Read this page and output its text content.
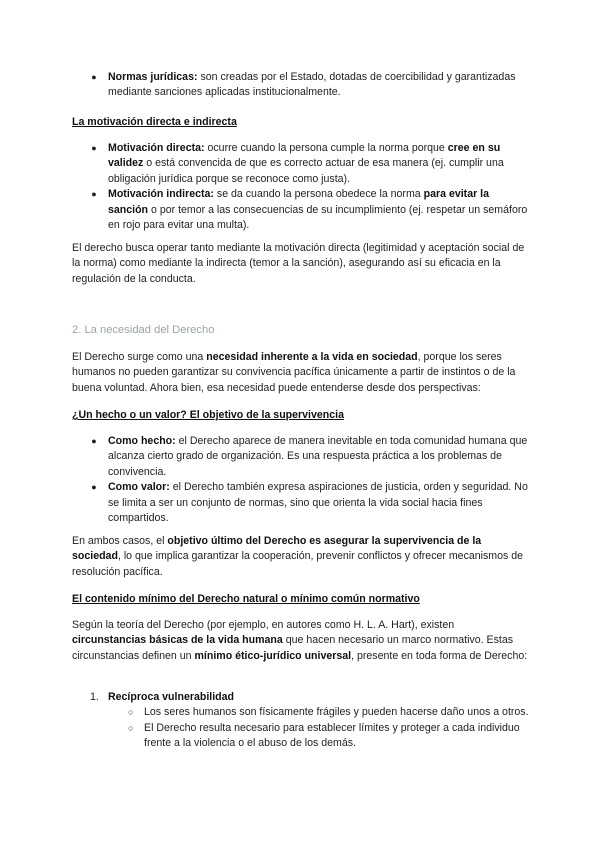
●	Normas jurídicas: son creadas por el Estado, dotadas de coercibilidad y garantizadas mediante sanciones aplicadas institucionalmente.

La motivación directa e indirecta

●	Motivación directa: ocurre cuando la persona cumple la norma porque cree en su validez o está convencida de que es correcto actuar de esa manera (ej. cumplir una obligación jurídica porque se reconoce como justa).

●	Motivación indirecta: se da cuando la persona obedece la norma para evitar la sanción o por temor a las consecuencias de su incumplimiento (ej. respetar un semáforo en rojo para evitar una multa).

El derecho busca operar tanto mediante la motivación directa (legitimidad y aceptación social de la norma) como mediante la indirecta (temor a la sanción), asegurando así su eficacia en la regulación de la conducta.

2. La necesidad del Derecho

El Derecho surge como una necesidad inherente a la vida en sociedad, porque los seres humanos no pueden garantizar su convivencia pacífica únicamente a partir de instintos o de la buena voluntad. Ahora bien, esa necesidad puede entenderse desde dos perspectivas:

¿Un hecho o un valor? El objetivo de la supervivencia

●	Como hecho: el Derecho aparece de manera inevitable en toda comunidad humana que alcanza cierto grado de organización. Es una respuesta práctica a los problemas de convivencia.

●	Como valor: el Derecho también expresa aspiraciones de justicia, orden y seguridad. No se limita a ser un conjunto de normas, sino que orienta la vida social hacia fines compartidos.

En ambos casos, el objetivo último del Derecho es asegurar la supervivencia de la sociedad, lo que implica garantizar la cooperación, prevenir conflictos y ofrecer mecanismos de resolución pacífica.

El contenido mínimo del Derecho natural o mínimo común normativo

Según la teoría del Derecho (por ejemplo, en autores como H. L. A. Hart), existen circunstancias básicas de la vida humana que hacen necesario un marco normativo. Estas circunstancias definen un mínimo ético-jurídico universal, presente en toda forma de Derecho:

1. Recíproca vulnerabilidad

○ Los seres humanos son físicamente frágiles y pueden hacerse daño unos a otros.

○ El Derecho resulta necesario para establecer límites y proteger a cada individuo frente a la violencia o el abuso de los demás.
